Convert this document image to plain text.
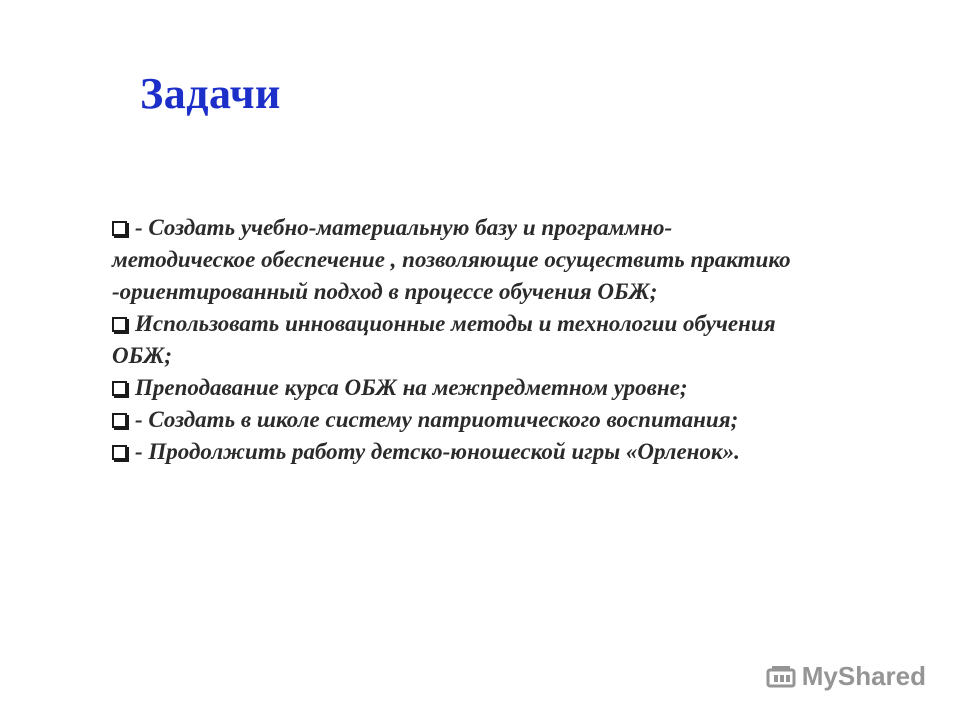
Задачи
- Создать учебно-материальную базу и программно-методическое обеспечение , позволяющие осуществить практико -ориентированный подход в процессе обучения ОБЖ;
Использовать инновационные методы и технологии обучения ОБЖ;
Преподавание курса ОБЖ на межпредметном уровне;
- Создать в школе систему патриотического воспитания;
- Продолжить работу детско-юношеской игры «Орленок».
MyShared
